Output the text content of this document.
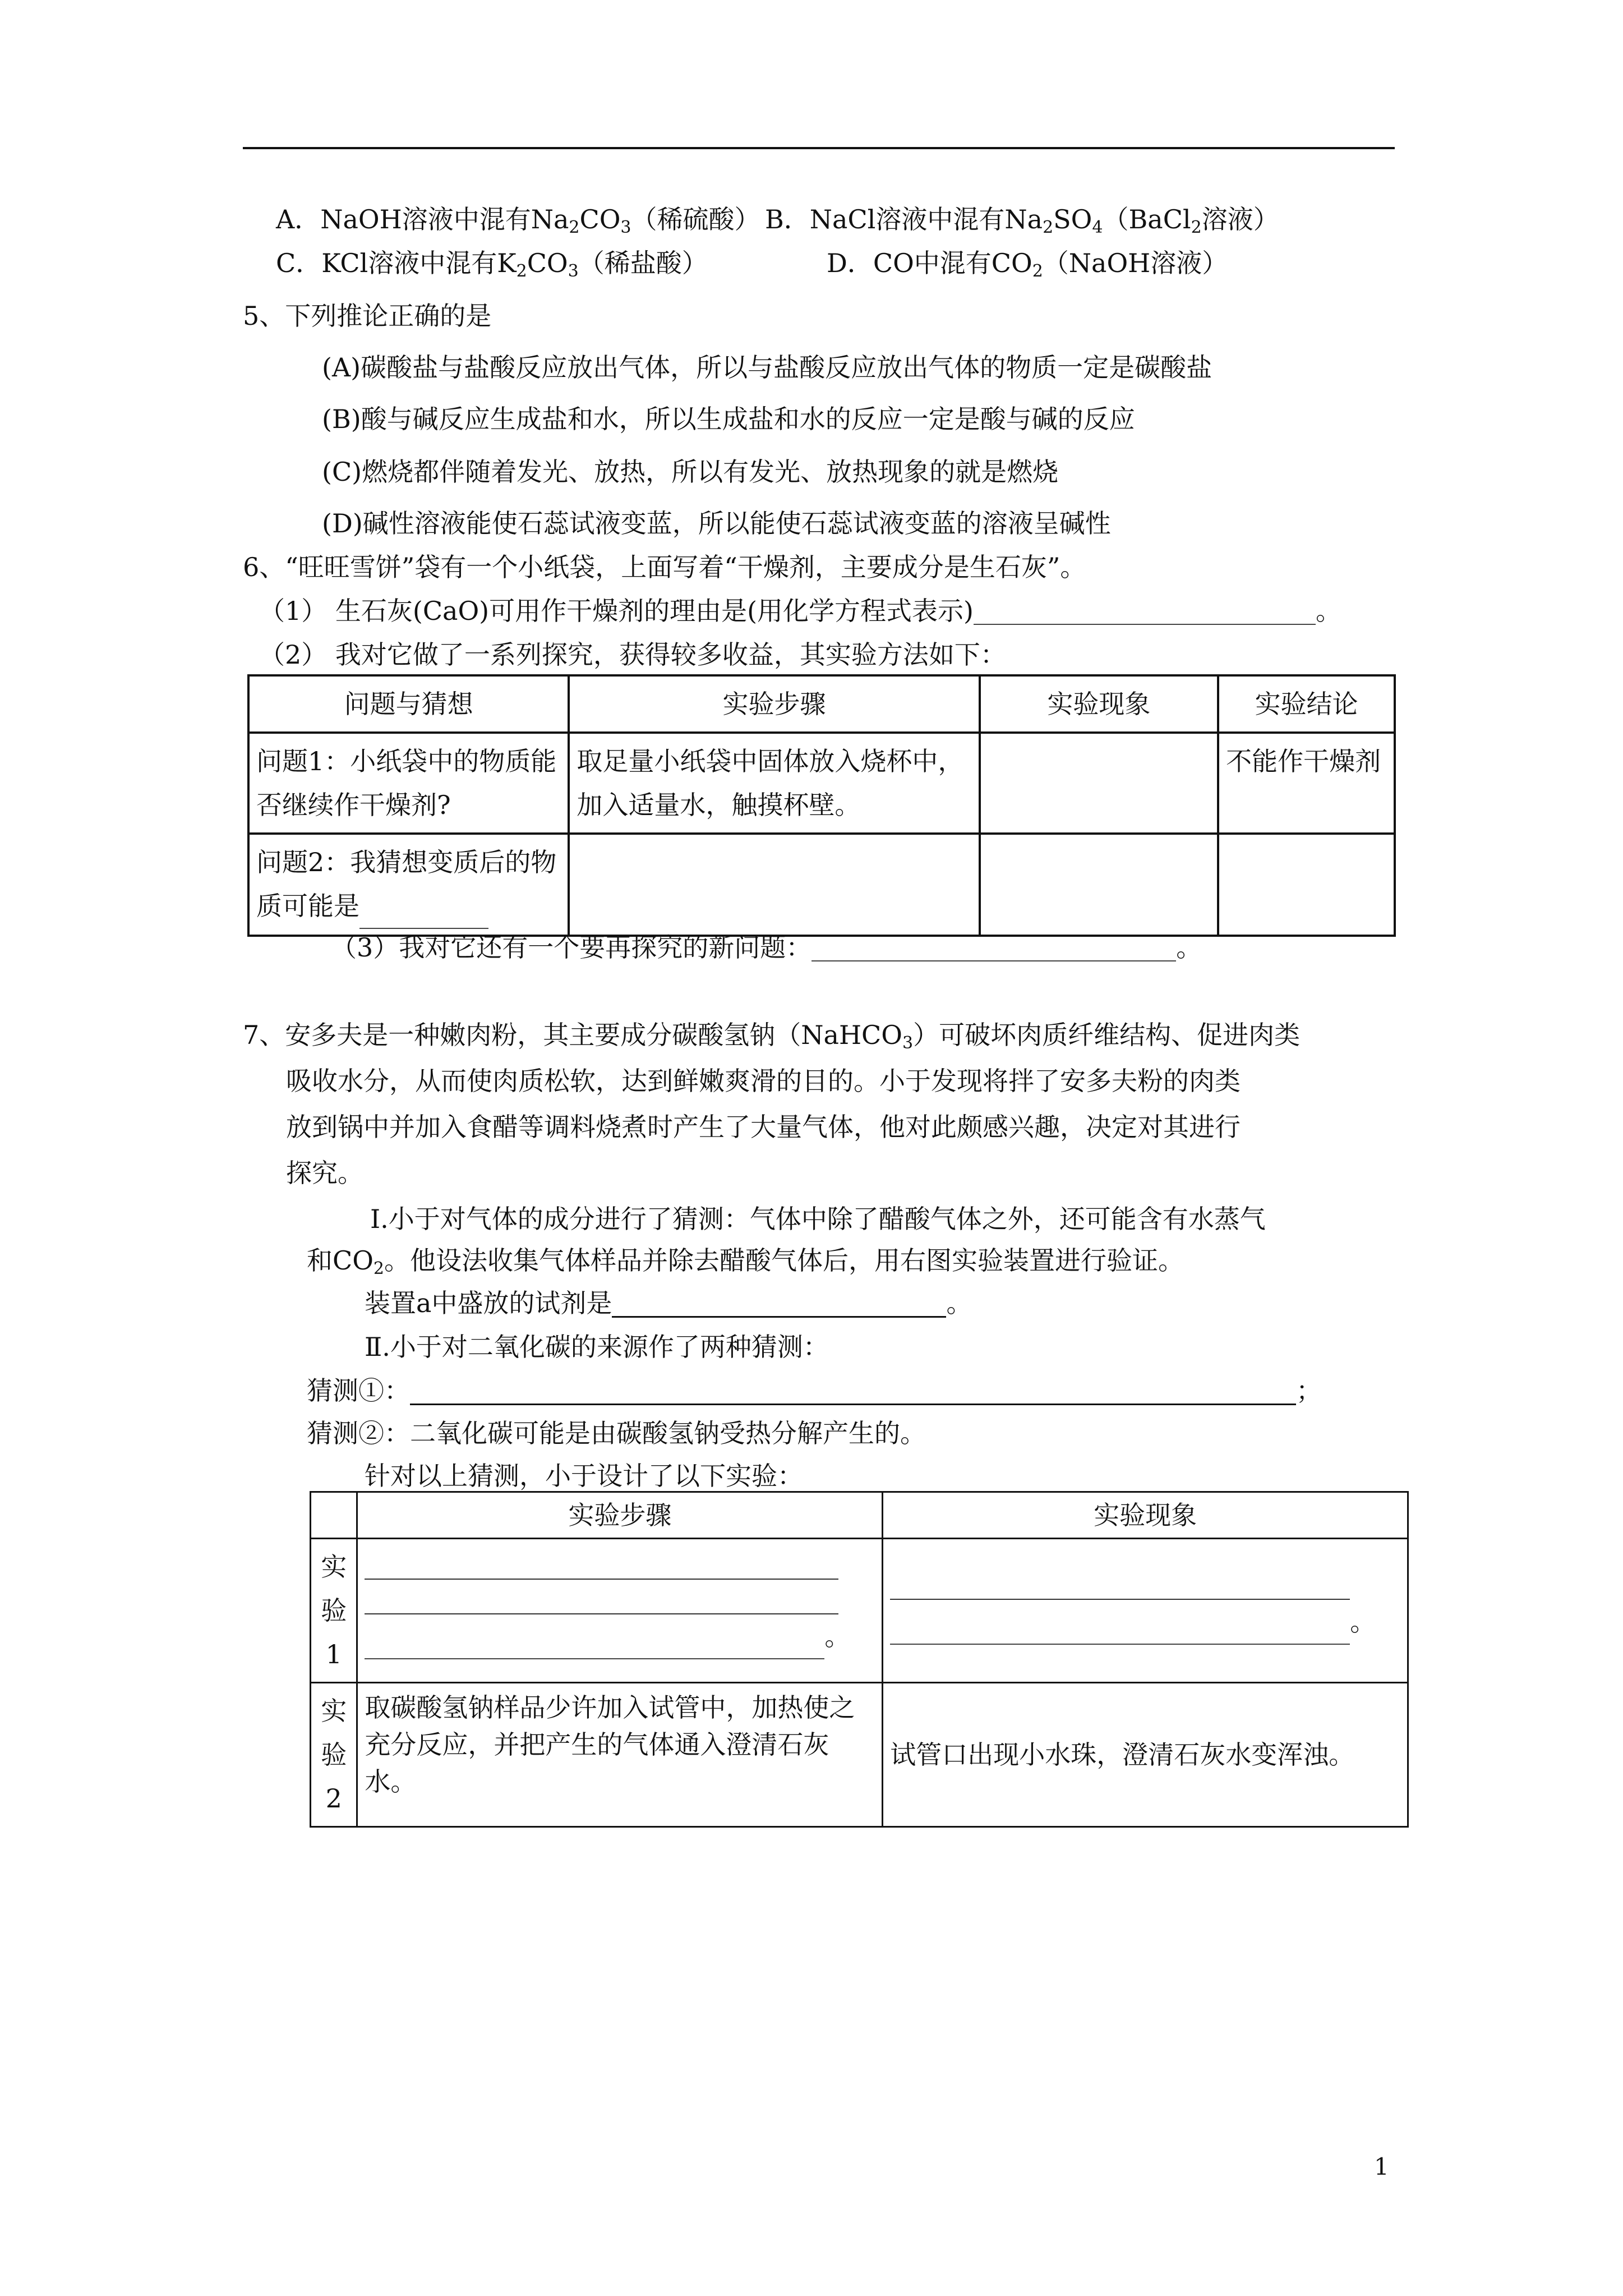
A．NaOH溶液中混有$Na_2CO_3$（稀硫酸） B．NaCl溶液中混有$Na_2SO_4(BaCl_2$溶液）
C．KCl溶液中混有$K_2CO_3$（稀盐酸）	D．CO中混有$CO_2(NaOH$溶液）
5、下列推论正确的是
(A)碳酸盐与盐酸反应放出气体，所以与盐酸反应放出气体的物质一定是碳酸盐
(B)酸与碱反应生成盐和水，所以生成盐和水的反应一定是酸与碱的反应
(C)燃烧都伴随着发光、放热，所以有发光、放热现象的就是燃烧
(D)碱性溶液能使石蕊试液变蓝，所以能使石蕊试液变蓝的溶液呈碱性
6、“旺旺雪饼”袋有一个小纸袋，上面写着“干燥剂，主要成分是生石灰”。
（1） 生石灰(CaO)可用作干燥剂的理由是(用化学方程式表示)	。
（2） 我对它做了一系列探究，获得较多收益，其实验方法如下：
问题与猜想	实验步骤	实验现象	实验结论
问题1：小纸袋中的物质能否继续作干燥剂?	取足量小纸袋中固体放入烧杯中，加入适量水，触摸杯壁。		不能作干燥剂
问题2：我猜想变质后的物质可能是			
（3）我对它还有一个要再探究的新问题：	。
7、安多夫是一种嫩肉粉，其主要成分碳酸氢钠（NaHCO$_3$）可破坏肉质纤维结构、促进肉类
吸收水分，从而使肉质松软，达到鲜嫩爽滑的目的。小于发现将拌了安多夫粉的肉类
放到锅中并加入食醋等调料烧煮时产生了大量气体，他对此颇感兴趣，决定对其进行
探究。
Ⅰ.小于对气体的成分进行了猜测：气体中除了醋酸气体之外，还可能含有水蒸气
和$CO_2$。他设法收集气体样品并除去醋酸气体后，用右图实验装置进行验证。
装置a中盛放的试剂是	。
Ⅱ.小于对二氧化碳的来源作了两种猜测：
猜测①：	；
猜测②：二氧化碳可能是由碳酸氢钠受热分解产生的。
针对以上猜测，小于设计了以下实验：
	实验步骤	实验现象
实验1	。	。

实验2	取碳酸氢钠样品少许加入试管中，加热使之充分反应，并把产生的气体通入澄清石灰水。	试管口出现小水珠，澄清石灰水变浑浊。
1
